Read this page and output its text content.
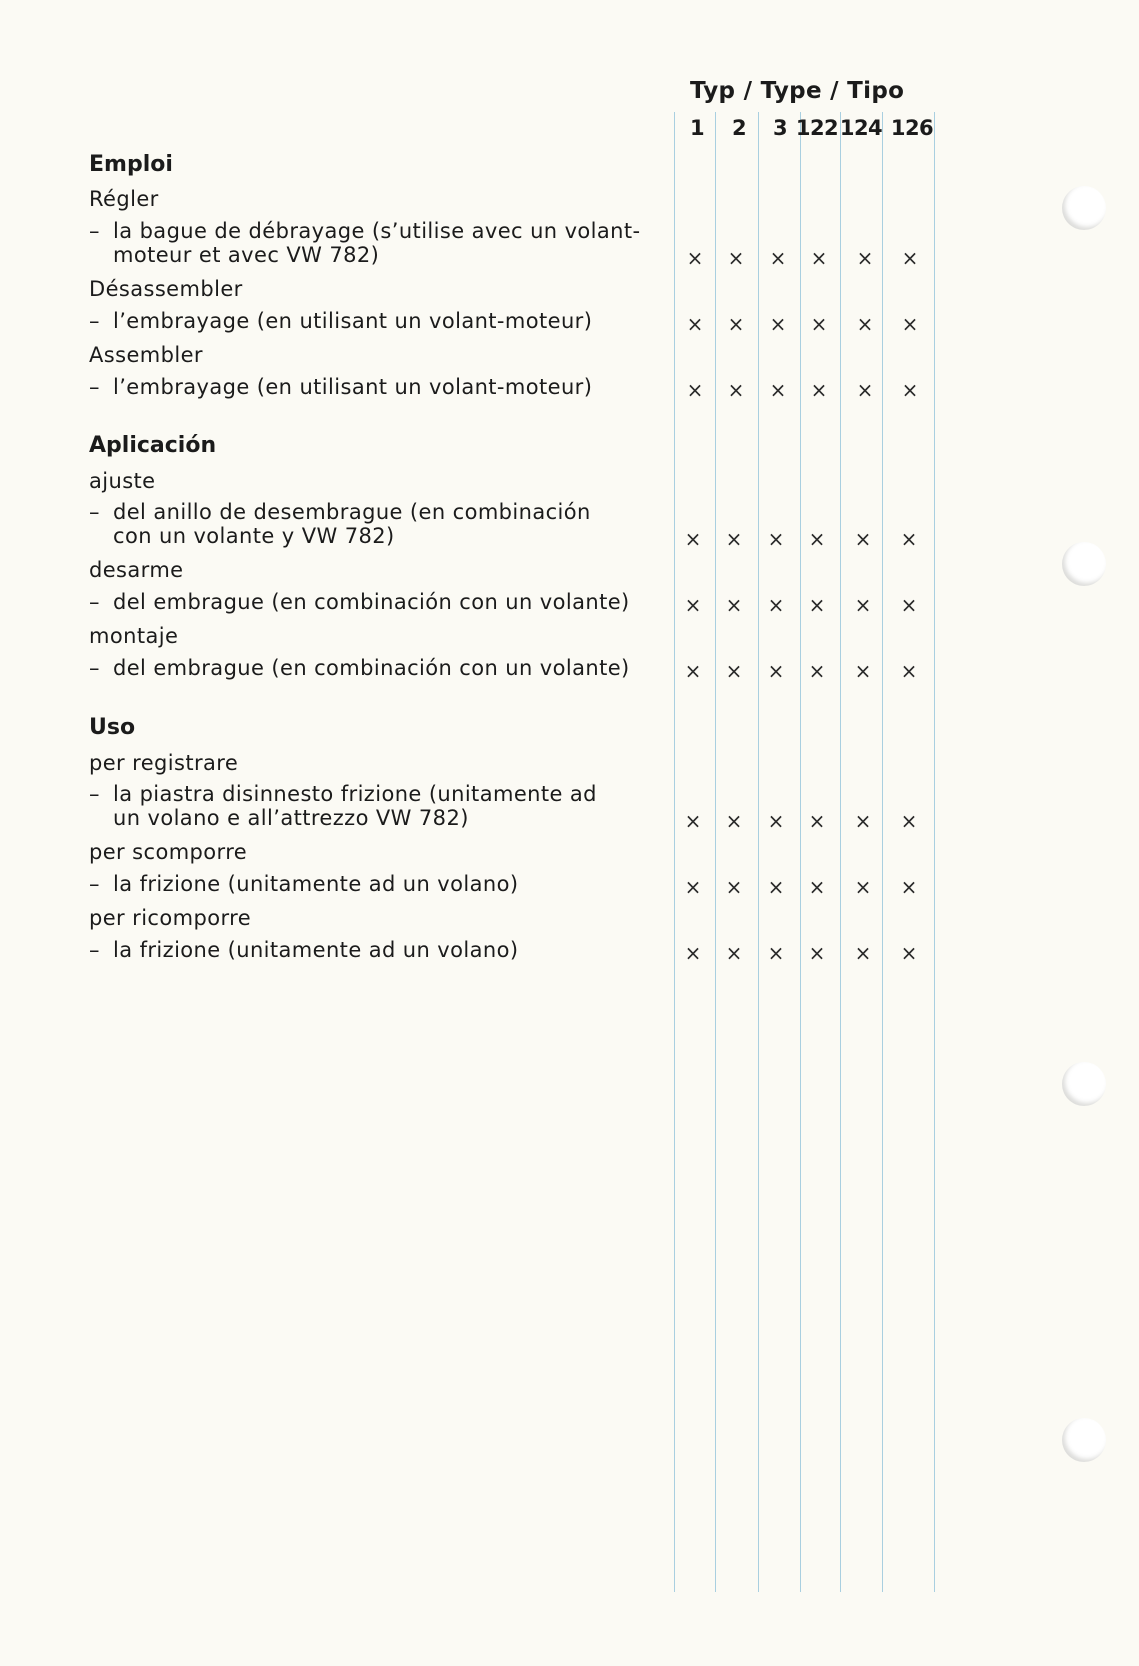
Typ / Type / Tipo
1 2 3 122 124 126
Emploi
Régler
– la bague de débrayage (s’utilise avec un volant-
moteur et avec VW 782)	× × × × × ×
Désassembler
– l’embrayage (en utilisant un volant-moteur)	× × × × × ×
Assembler
– l’embrayage (en utilisant un volant-moteur)	× × × × × ×
Aplicación
ajuste
– del anillo de desembrague (en combinación
con un volante y VW 782)	× × × × × ×
desarme
– del embrague (en combinación con un volante)	× × × × × ×
montaje
– del embrague (en combinación con un volante)	× × × × × ×
Uso
per registrare
– la piastra disinnesto frizione (unitamente ad
un volano e all’attrezzo VW 782)	× × × × × ×
per scomporre
– la frizione (unitamente ad un volano)	× × × × × ×
per ricomporre
– la frizione (unitamente ad un volano)	× × × × × ×
